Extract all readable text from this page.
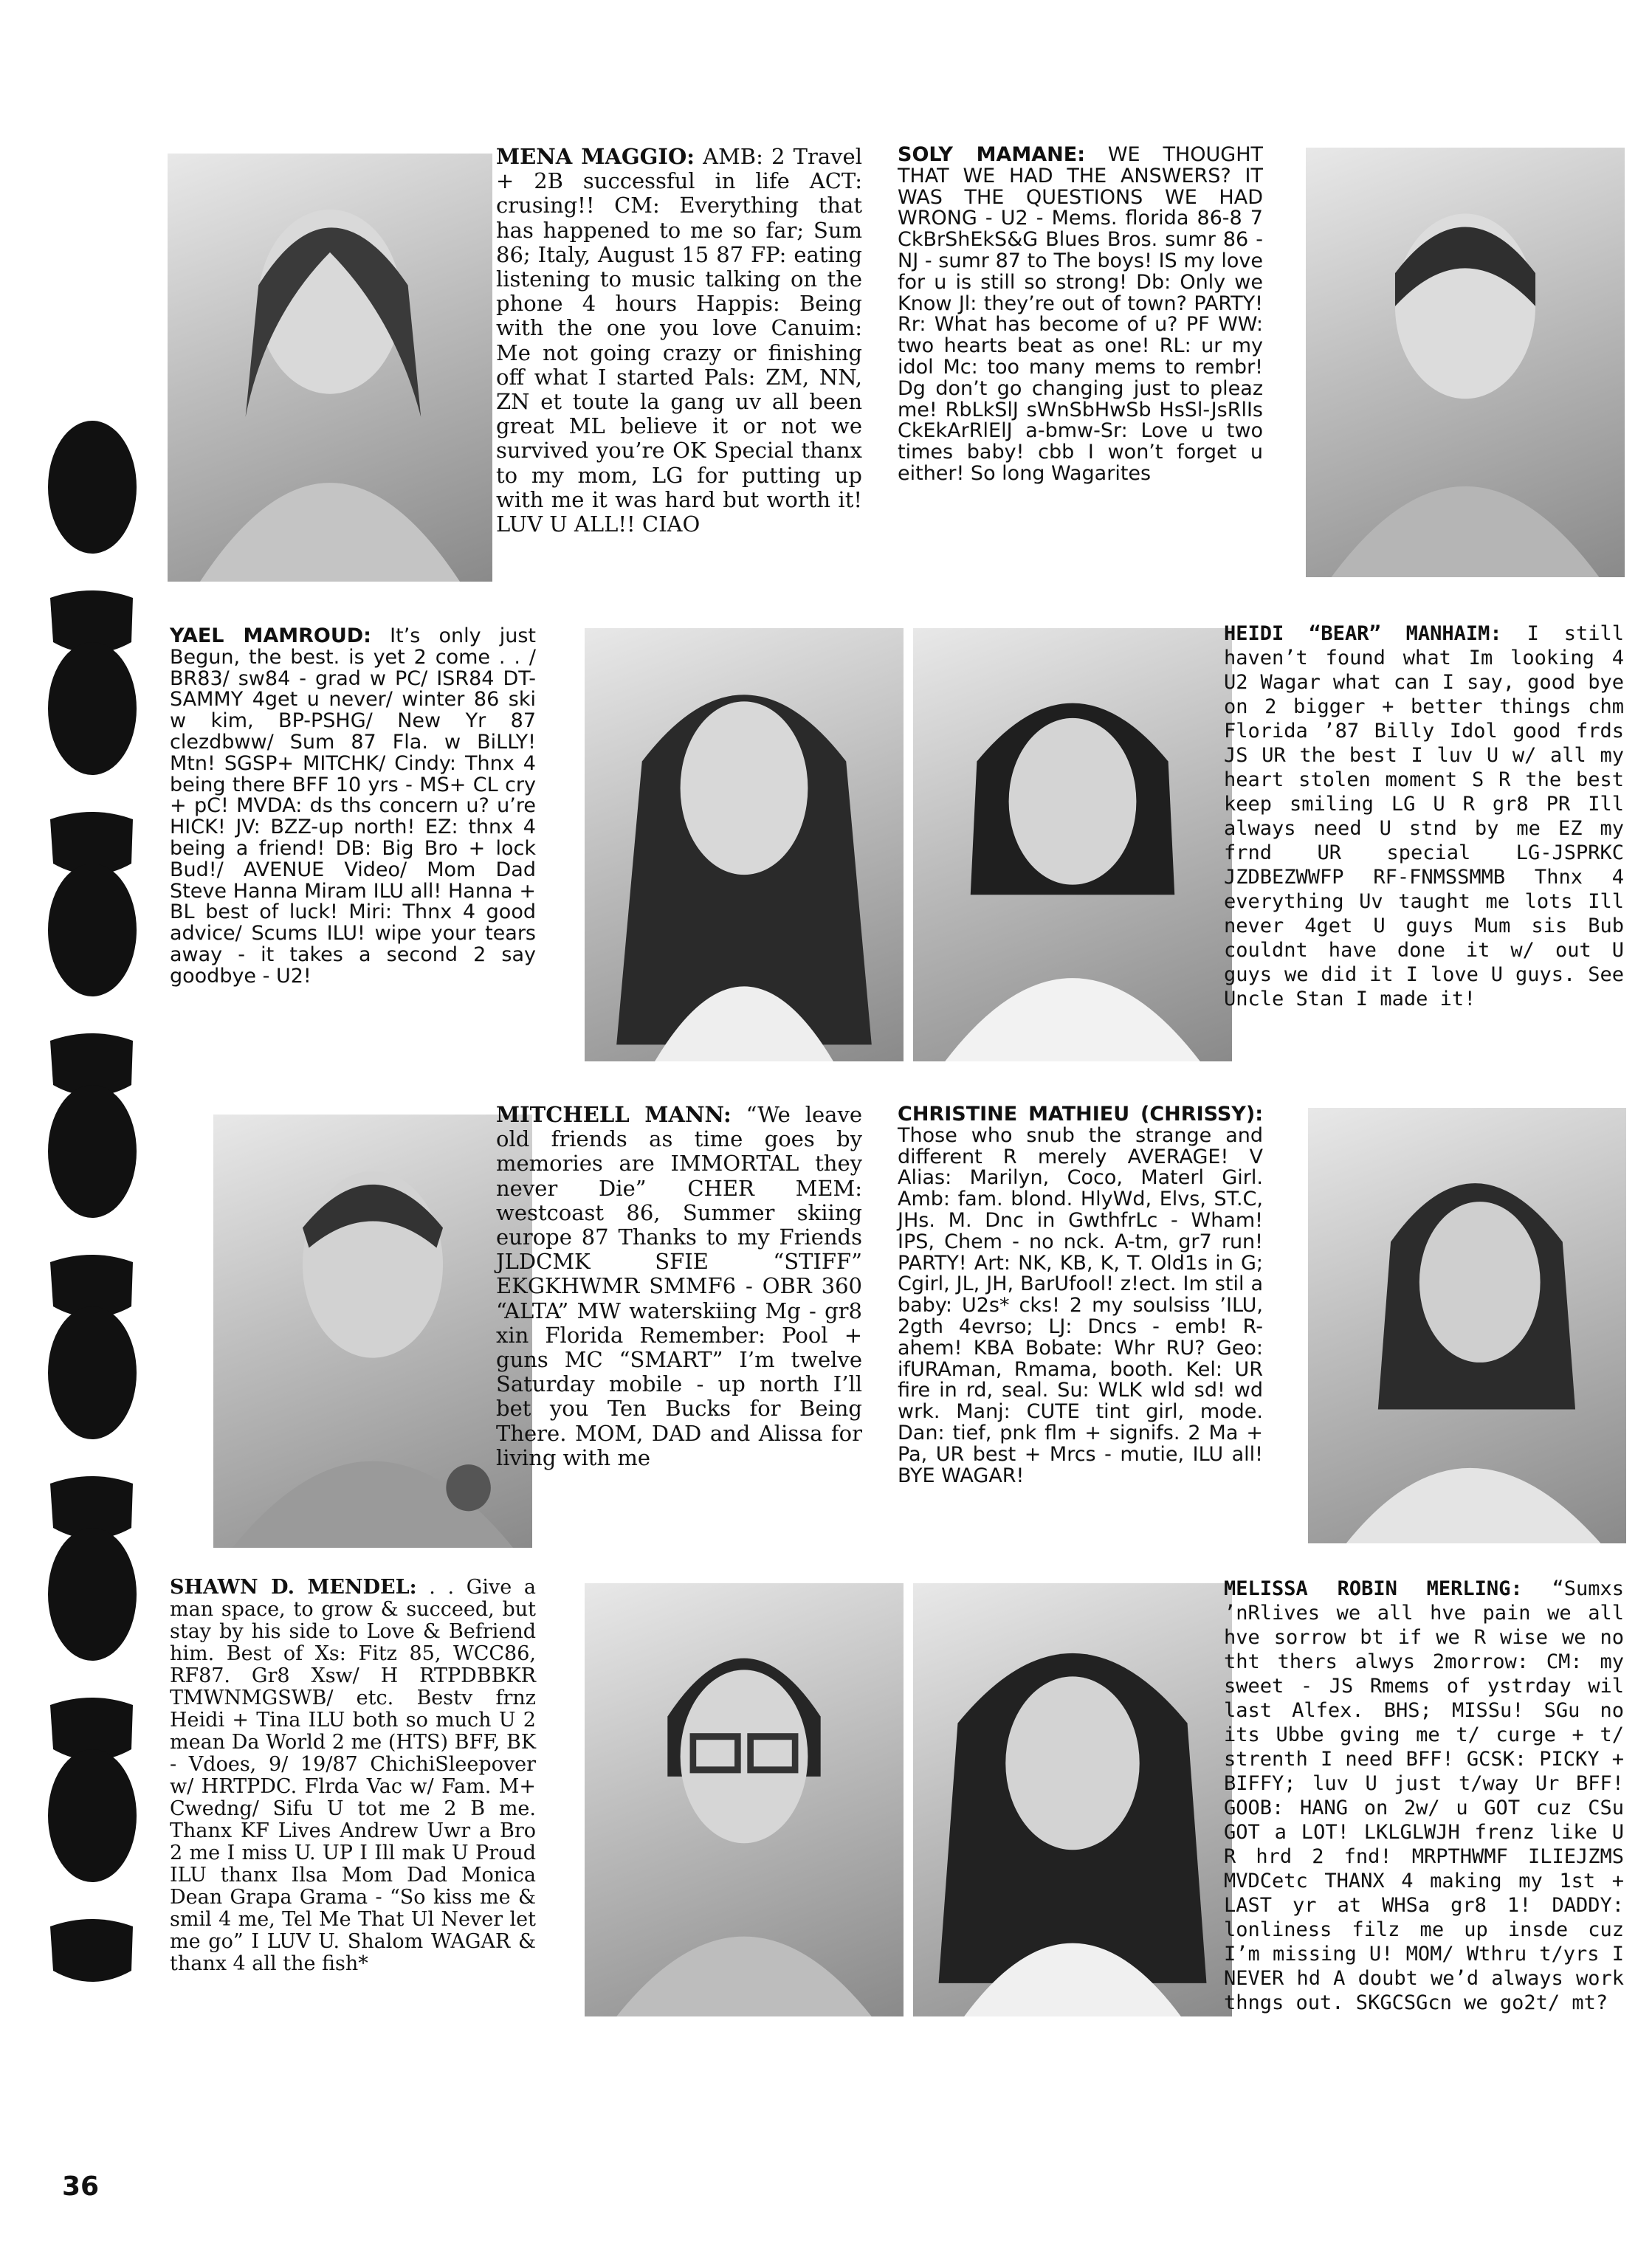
MENA MAGGIO: AMB: 2 Travel + 2B successful in life ACT: crusing!! CM: Everything that has happened to me so far; Sum 86; Italy, August 15 87 FP: eating listening to music talking on the phone 4 hours Happis: Being with the one you love Canuim: Me not going crazy or finishing off what I started Pals: ZM, NN, ZN et toute la gang uv all been great ML believe it or not we survived you’re OK Special thanx to my mom, LG for putting up with me it was hard but worth it! LUV U ALL!! CIAO

SOLY MAMANE: WE THOUGHT THAT WE HAD THE ANSWERS? IT WAS THE QUESTIONS WE HAD WRONG - U2 - Mems. florida 86-8 7 CkBrShEkS&G Blues Bros. sumr 86 - NJ - sumr 87 to The boys! IS my love for u is still so strong! Db: Only we Know Jl: they’re out of town? PARTY! Rr: What has become of u? PF WW: two hearts beat as one! RL: ur my idol Mc: too many mems to rembr! Dg don’t go changing just to pleaz me! RbLkSlJ sWnSbHwSb HsSl-JsRlIs CkEkArRlElJ a-bmw-Sr: Love u two times baby! cbb I won’t forget u either! So long Wagarites

YAEL MAMROUD: It’s only just Begun, the best. is yet 2 come . . / BR83/ sw84 - grad w PC/ ISR84 DT-SAMMY 4get u never/ winter 86 ski w kim, BP-PSHG/ New Yr 87 clezdbww/ Sum 87 Fla. w BiLLY! Mtn! SGSP+ MITCHK/ Cindy: Thnx 4 being there BFF 10 yrs - MS+ CL cry + pC! MVDA: ds ths concern u? u’re HICK! JV: BZZ-up north! EZ: thnx 4 being a friend! DB: Big Bro + lock Bud!/ AVENUE Video/ Mom Dad Steve Hanna Miram ILU all! Hanna + BL best of luck! Miri: Thnx 4 good advice/ Scums ILU! wipe your tears away - it takes a second 2 say goodbye - U2!

HEIDI “BEAR” MANHAIM: I still haven’t found what Im looking 4 U2 Wagar what can I say, good bye on 2 bigger + better things chm Florida ’87 Billy Idol good frds JS UR the best I luv U w/ all my heart stolen moment S R the best keep smiling LG U R gr8 PR Ill always need U stnd by me EZ my frnd UR special LG-JSPRKC JZDBEZWWFP RF-FNMSSMMB Thnx 4 everything Uv taught me lots Ill never 4get U guys Mum sis Bub couldnt have done it w/ out U guys we did it I love U guys. See Uncle Stan I made it!

MITCHELL MANN: “We leave old friends as time goes by memories are IMMORTAL they never Die” CHER MEM: westcoast 86, Summer skiing europe 87 Thanks to my Friends JLDCMK SFIE “STIFF” EKGKHWMR SMMF6 - OBR 360 “ALTA” MW waterskiing Mg - gr8 xin Florida Remember: Pool + guns MC “SMART” I’m twelve Saturday mobile - up north I’ll bet you Ten Bucks for Being There. MOM, DAD and Alissa for living with me

CHRISTINE MATHIEU (CHRISSY): Those who snub the strange and different R merely AVERAGE! V Alias: Marilyn, Coco, Materl Girl. Amb: fam. blond. HlyWd, Elvs, ST.C, JHs. M. Dnc in GwthfrLc - Wham! IPS, Chem - no nck. A-tm, gr7 run! PARTY! Art: NK, KB, K, T. Old1s in G; Cgirl, JL, JH, BarUfool! z!ect. Im stil a baby: U2s* cks! 2 my soulsiss ’ILU, 2gth 4evrso; LJ: Dncs - emb! R-ahem! KBA Bobate: Whr RU? Geo: ifURAman, Rmama, booth. Kel: UR fire in rd, seal. Su: WLK wld sd! wd wrk. Manj: CUTE tint girl, mode. Dan: tief, pnk flm + signifs. 2 Ma + Pa, UR best + Mrcs - mutie, ILU all! BYE WAGAR!

SHAWN D. MENDEL: . . Give a man space, to grow & succeed, but stay by his side to Love & Befriend him. Best of Xs: Fitz 85, WCC86, RF87. Gr8 Xsw/ H RTPDBBKR TMWNMGSWB/ etc. Bestv frnz Heidi + Tina ILU both so much U 2 mean Da World 2 me (HTS) BFF, BK - Vdoes, 9/ 19/87 ChichiSleepover w/ HRTPDC. Flrda Vac w/ Fam. M+ Cwedng/ Sifu U tot me 2 B me. Thanx KF Lives Andrew Uwr a Bro 2 me I miss U. UP I Ill mak U Proud ILU thanx Ilsa Mom Dad Monica Dean Grapa Grama - “So kiss me & smil 4 me, Tel Me That Ul Never let me go” I LUV U. Shalom WAGAR & thanx 4 all the fish*

MELISSA ROBIN MERLING: “Sumxs ’nRlives we all hve pain we all hve sorrow bt if we R wise we no tht thers alwys 2morrow: CM: my sweet - JS Rmems of ystrday wil last Alfex. BHS; MISSu! SGu no its Ubbe gving me t/ curge + t/ strenth I need BFF! GCSK: PICKY + BIFFY; luv U just t/way Ur BFF! GOOB: HANG on 2w/ u GOT cuz CSu GOT a LOT! LKLGLWJH frenz like U R hrd 2 fnd! MRPTHWMF ILIEJZMS MVDCetc THANX 4 making my 1st + LAST yr at WHSa gr8 1! DADDY: lonliness filz me up insde cuz I’m missing U! MOM/ Wthru t/yrs I NEVER hd A doubt we’d always work thngs out. SKGCSGcn we go2t/ mt?

36
